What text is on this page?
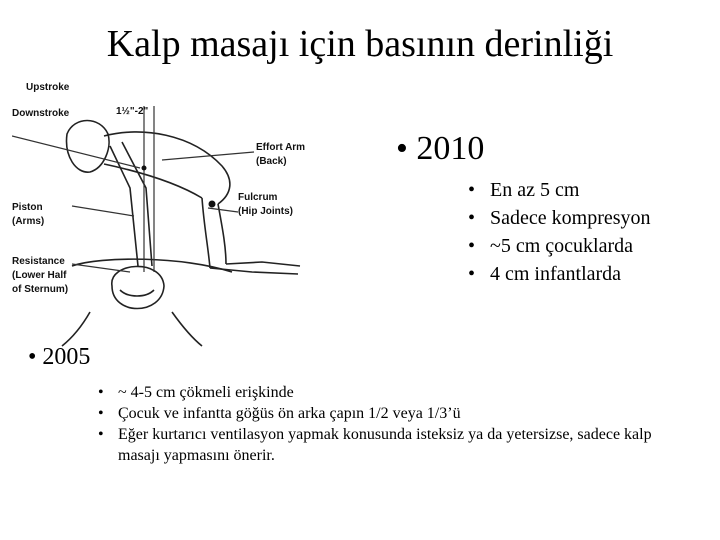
Kalp masajı için basının derinliği
Upstroke
Downstroke	1½"-2"
Effort Arm
(Back)
Fulcrum
(Hip Joints)
Piston
(Arms)
Resistance
(Lower Half
of Sternum)
• 2010
• En az 5 cm
• Sadece kompresyon
• ~5 cm çocuklarda
• 4 cm infantlarda
• 2005
• ~ 4-5 cm çökmeli erişkinde
• Çocuk ve infantta göğüs ön arka çapın 1/2 veya 1/3’ü
• Eğer kurtarıcı ventilasyon yapmak konusunda isteksiz ya da yetersizse, sadece kalp masajı yapmasını önerir.
